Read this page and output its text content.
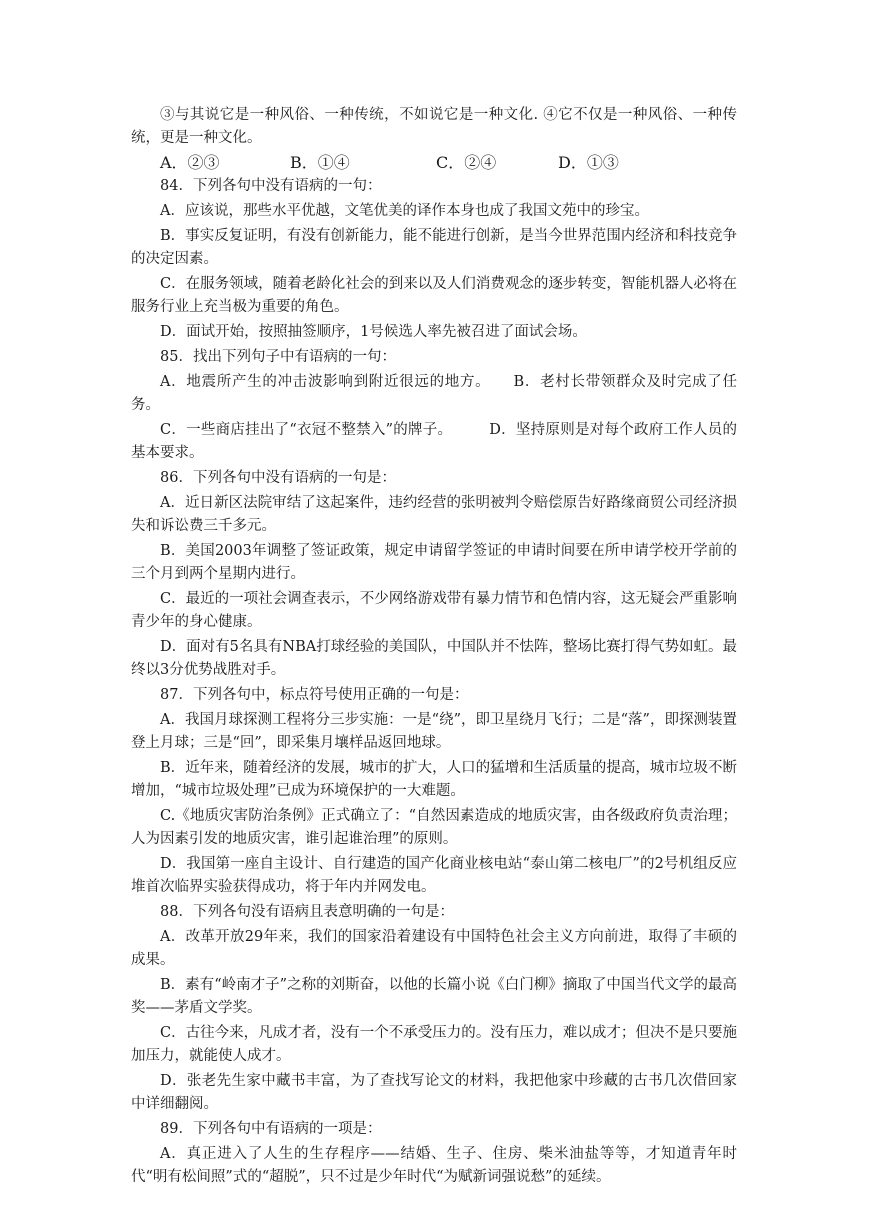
③与其说它是一种风俗、一种传统，不如说它是一种文化. ④它不仅是一种风俗、一种传统，更是一种文化。

A．②③	B．①④	C．②④	D．①③

84．下列各句中没有语病的一句：

A．应该说，那些水平优越，文笔优美的译作本身也成了我国文苑中的珍宝。

B．事实反复证明，有没有创新能力，能不能进行创新，是当今世界范围内经济和科技竞争的决定因素。

C．在服务领域，随着老龄化社会的到来以及人们消费观念的逐步转变，智能机器人必将在服务行业上充当极为重要的角色。

D．面试开始，按照抽签顺序，1号候选人率先被召进了面试会场。

85．找出下列句子中有语病的一句：

A．地震所产生的冲击波影响到附近很远的地方。　　B．老村长带领群众及时完成了任务。

C．一些商店挂出了“衣冠不整禁入”的牌子。　　　D．坚持原则是对每个政府工作人员的基本要求。

86．下列各句中没有语病的一句是：

A．近日新区法院审结了这起案件，违约经营的张明被判令赔偿原告好路缘商贸公司经济损失和诉讼费三千多元。

B．美国2003年调整了签证政策，规定申请留学签证的申请时间要在所申请学校开学前的三个月到两个星期内进行。

C．最近的一项社会调查表示，不少网络游戏带有暴力情节和色情内容，这无疑会严重影响青少年的身心健康。

D．面对有5名具有NBA打球经验的美国队，中国队并不怯阵，整场比赛打得气势如虹。最终以3分优势战胜对手。

87．下列各句中，标点符号使用正确的一句是：

A．我国月球探测工程将分三步实施：一是“绕”，即卫星绕月飞行；二是“落”，即探测装置登上月球；三是“回”，即采集月壤样品返回地球。

B．近年来，随着经济的发展，城市的扩大，人口的猛增和生活质量的提高，城市垃圾不断增加，“城市垃圾处理”已成为环境保护的一大难题。

C.《地质灾害防治条例》正式确立了：“自然因素造成的地质灾害，由各级政府负责治理；人为因素引发的地质灾害，谁引起谁治理”的原则。

D．我国第一座自主设计、自行建造的国产化商业核电站“泰山第二核电厂”的2号机组反应堆首次临界实验获得成功，将于年内并网发电。

88．下列各句没有语病且表意明确的一句是：

A．改革开放29年来，我们的国家沿着建设有中国特色社会主义方向前进，取得了丰硕的成果。

B．素有“岭南才子”之称的刘斯奋，以他的长篇小说《白门柳》摘取了中国当代文学的最高奖——茅盾文学奖。

C．古往今来，凡成才者，没有一个不承受压力的。没有压力，难以成才；但决不是只要施加压力，就能使人成才。

D．张老先生家中藏书丰富，为了查找写论文的材料，我把他家中珍藏的古书几次借回家中详细翻阅。

89．下列各句中有语病的一项是：

A．真正进入了人生的生存程序——结婚、生子、住房、柴米油盐等等，才知道青年时代“明有松间照”式的“超脱”，只不过是少年时代“为赋新词强说愁”的延续。
